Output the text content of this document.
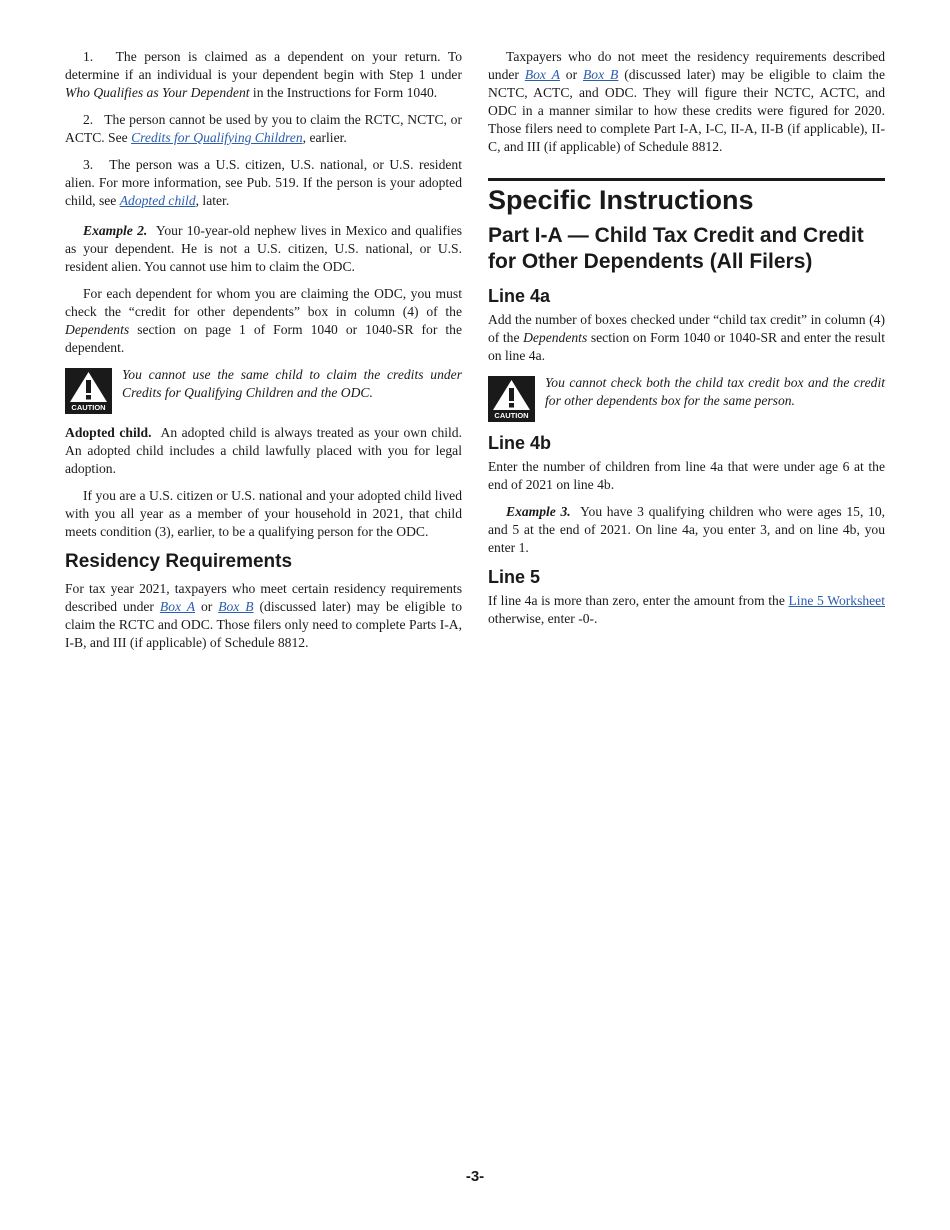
1. The person is claimed as a dependent on your return. To determine if an individual is your dependent begin with Step 1 under Who Qualifies as Your Dependent in the Instructions for Form 1040.

2. The person cannot be used by you to claim the RCTC, NCTC, or ACTC. See Credits for Qualifying Children, earlier.

3. The person was a U.S. citizen, U.S. national, or U.S. resident alien. For more information, see Pub. 519. If the person is your adopted child, see Adopted child, later.

Example 2. Your 10-year-old nephew lives in Mexico and qualifies as your dependent. He is not a U.S. citizen, U.S. national, or U.S. resident alien. You cannot use him to claim the ODC.

For each dependent for whom you are claiming the ODC, you must check the “credit for other dependents” box in column (4) of the Dependents section on page 1 of Form 1040 or 1040-SR for the dependent.

CAUTION
You cannot use the same child to claim the credits under Credits for Qualifying Children and the ODC.

Adopted child. An adopted child is always treated as your own child. An adopted child includes a child lawfully placed with you for legal adoption.

If you are a U.S. citizen or U.S. national and your adopted child lived with you all year as a member of your household in 2021, that child meets condition (3), earlier, to be a qualifying person for the ODC.

Residency Requirements

For tax year 2021, taxpayers who meet certain residency requirements described under Box A or Box B (discussed later) may be eligible to claim the RCTC and ODC. Those filers only need to complete Parts I-A, I-B, and III (if applicable) of Schedule 8812.

Taxpayers who do not meet the residency requirements described under Box A or Box B (discussed later) may be eligible to claim the NCTC, ACTC, and ODC. They will figure their NCTC, ACTC, and ODC in a manner similar to how these credits were figured for 2020. Those filers need to complete Part I-A, I-C, II-A, II-B (if applicable), II-C, and III (if applicable) of Schedule 8812.

Specific Instructions
Part I-A — Child Tax Credit and Credit for Other Dependents (All Filers)
Line 4a

Add the number of boxes checked under “child tax credit” in column (4) of the Dependents section on Form 1040 or 1040-SR and enter the result on line 4a.

CAUTION
You cannot check both the child tax credit box and the credit for other dependents box for the same person.
Line 4b

Enter the number of children from line 4a that were under age 6 at the end of 2021 on line 4b.

Example 3. You have 3 qualifying children who were ages 15, 10, and 5 at the end of 2021. On line 4a, you enter 3, and on line 4b, you enter 1.

Line 5

If line 4a is more than zero, enter the amount from the Line 5 Worksheet otherwise, enter -0-.

-3-
